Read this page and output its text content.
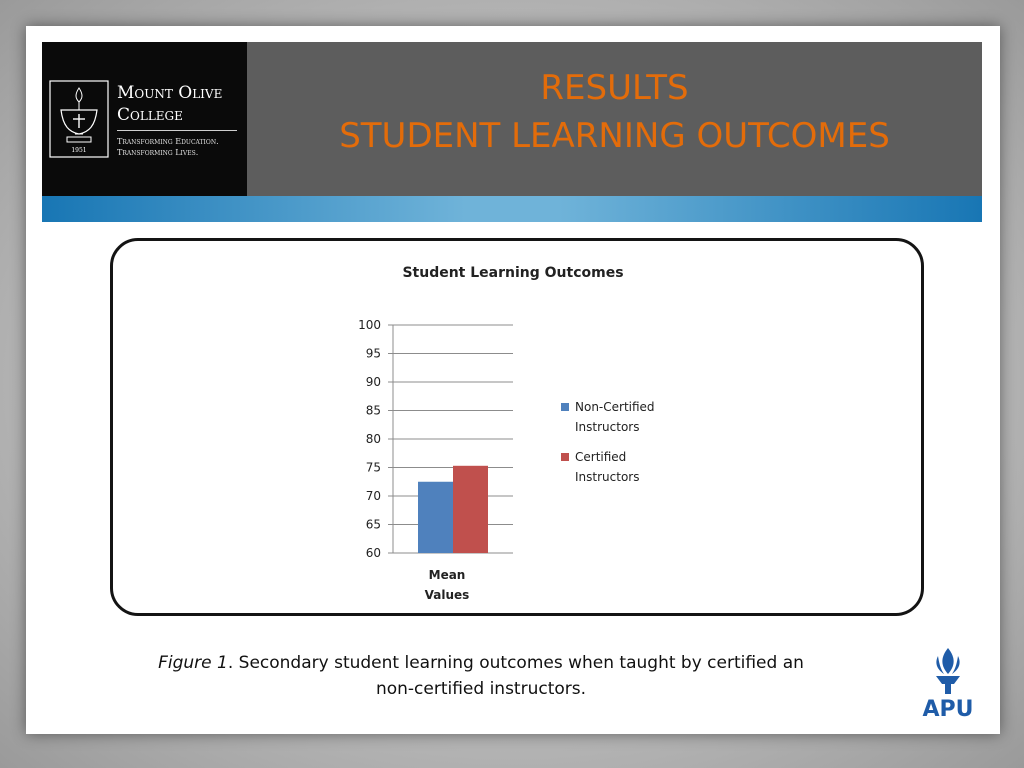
1951
Mount Olive
College
Transforming Education.
Transforming Lives.
RESULTS
STUDENT LEARNING OUTCOMES
Student Learning Outcomes
60
65
70
75
80
85
90
95
100
Mean
Values
Non-Certified
Instructors
Certified
Instructors
Figure 1. Secondary student learning outcomes when taught by certified an
non-certified instructors.
APU
